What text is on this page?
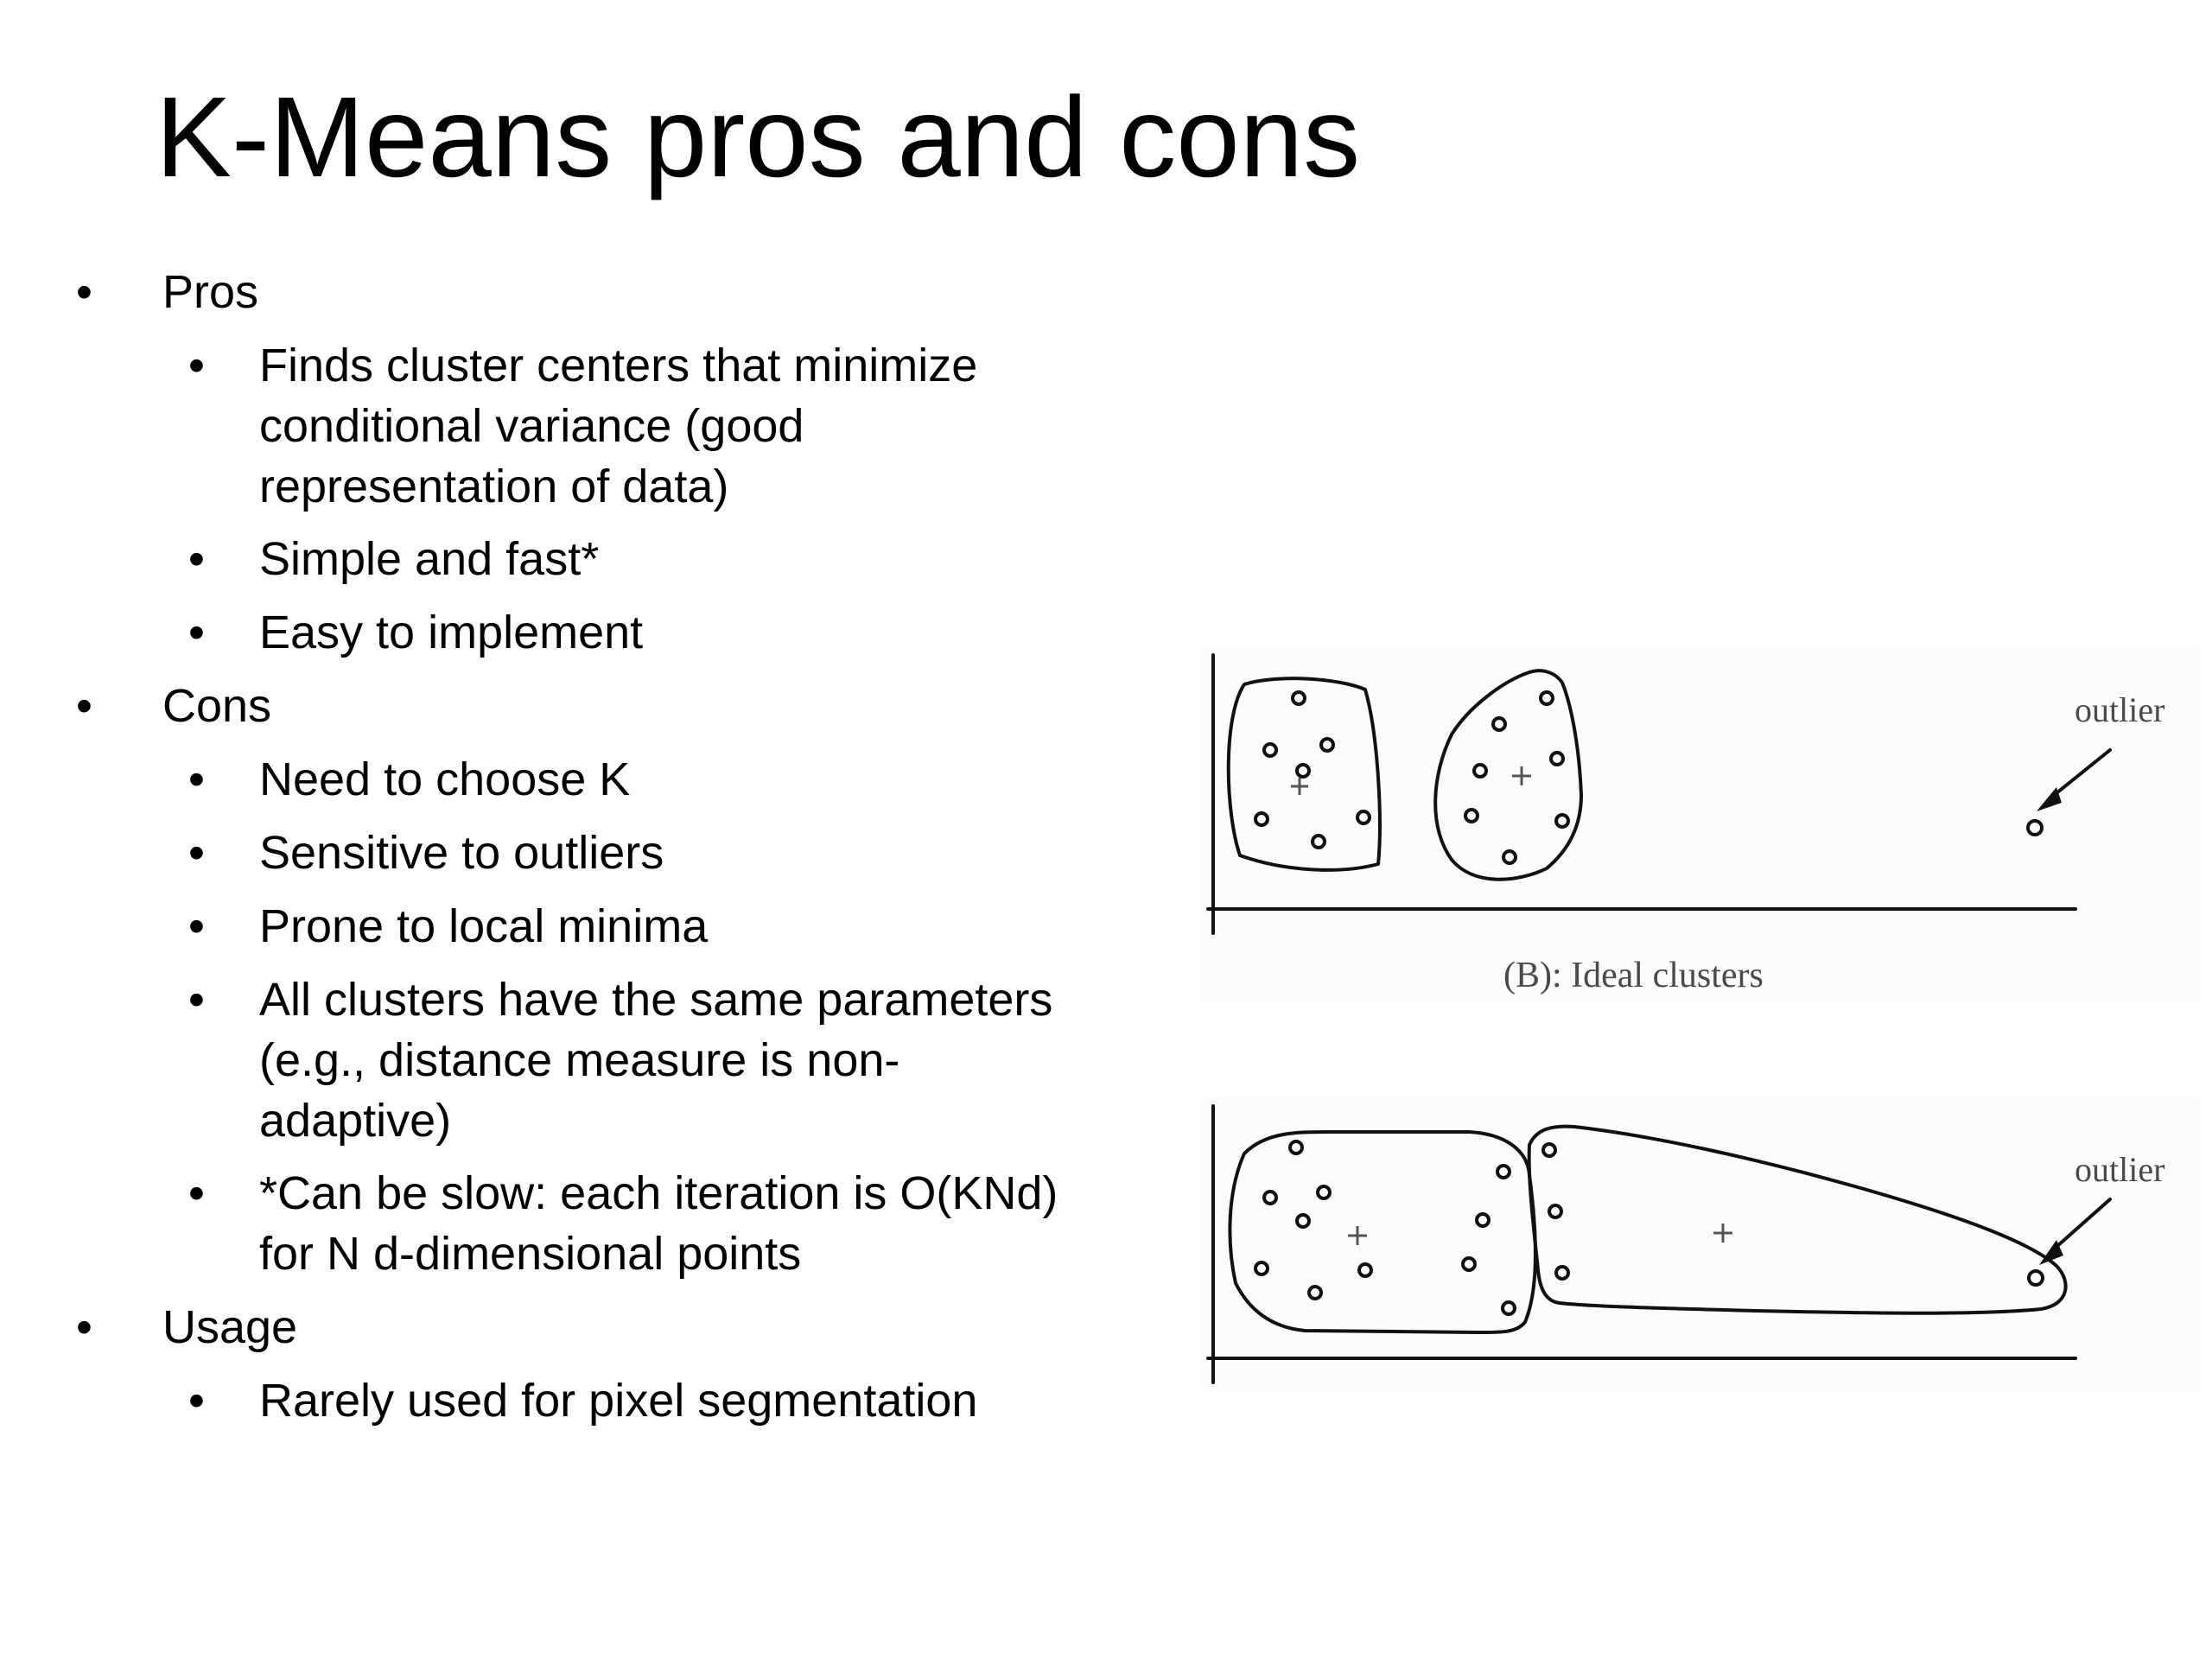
K-Means pros and cons
• Pros
• Finds cluster centers that minimize
conditional variance (good
representation of data)
• Simple and fast*
• Easy to implement
• Cons
• Need to choose K
• Sensitive to outliers
• Prone to local minima
• All clusters have the same parameters
(e.g., distance measure is non-
adaptive)
• *Can be slow: each iteration is O(KNd)
for N d-dimensional points
• Usage
• Rarely used for pixel segmentation
outlier
(B): Ideal clusters
outlier
